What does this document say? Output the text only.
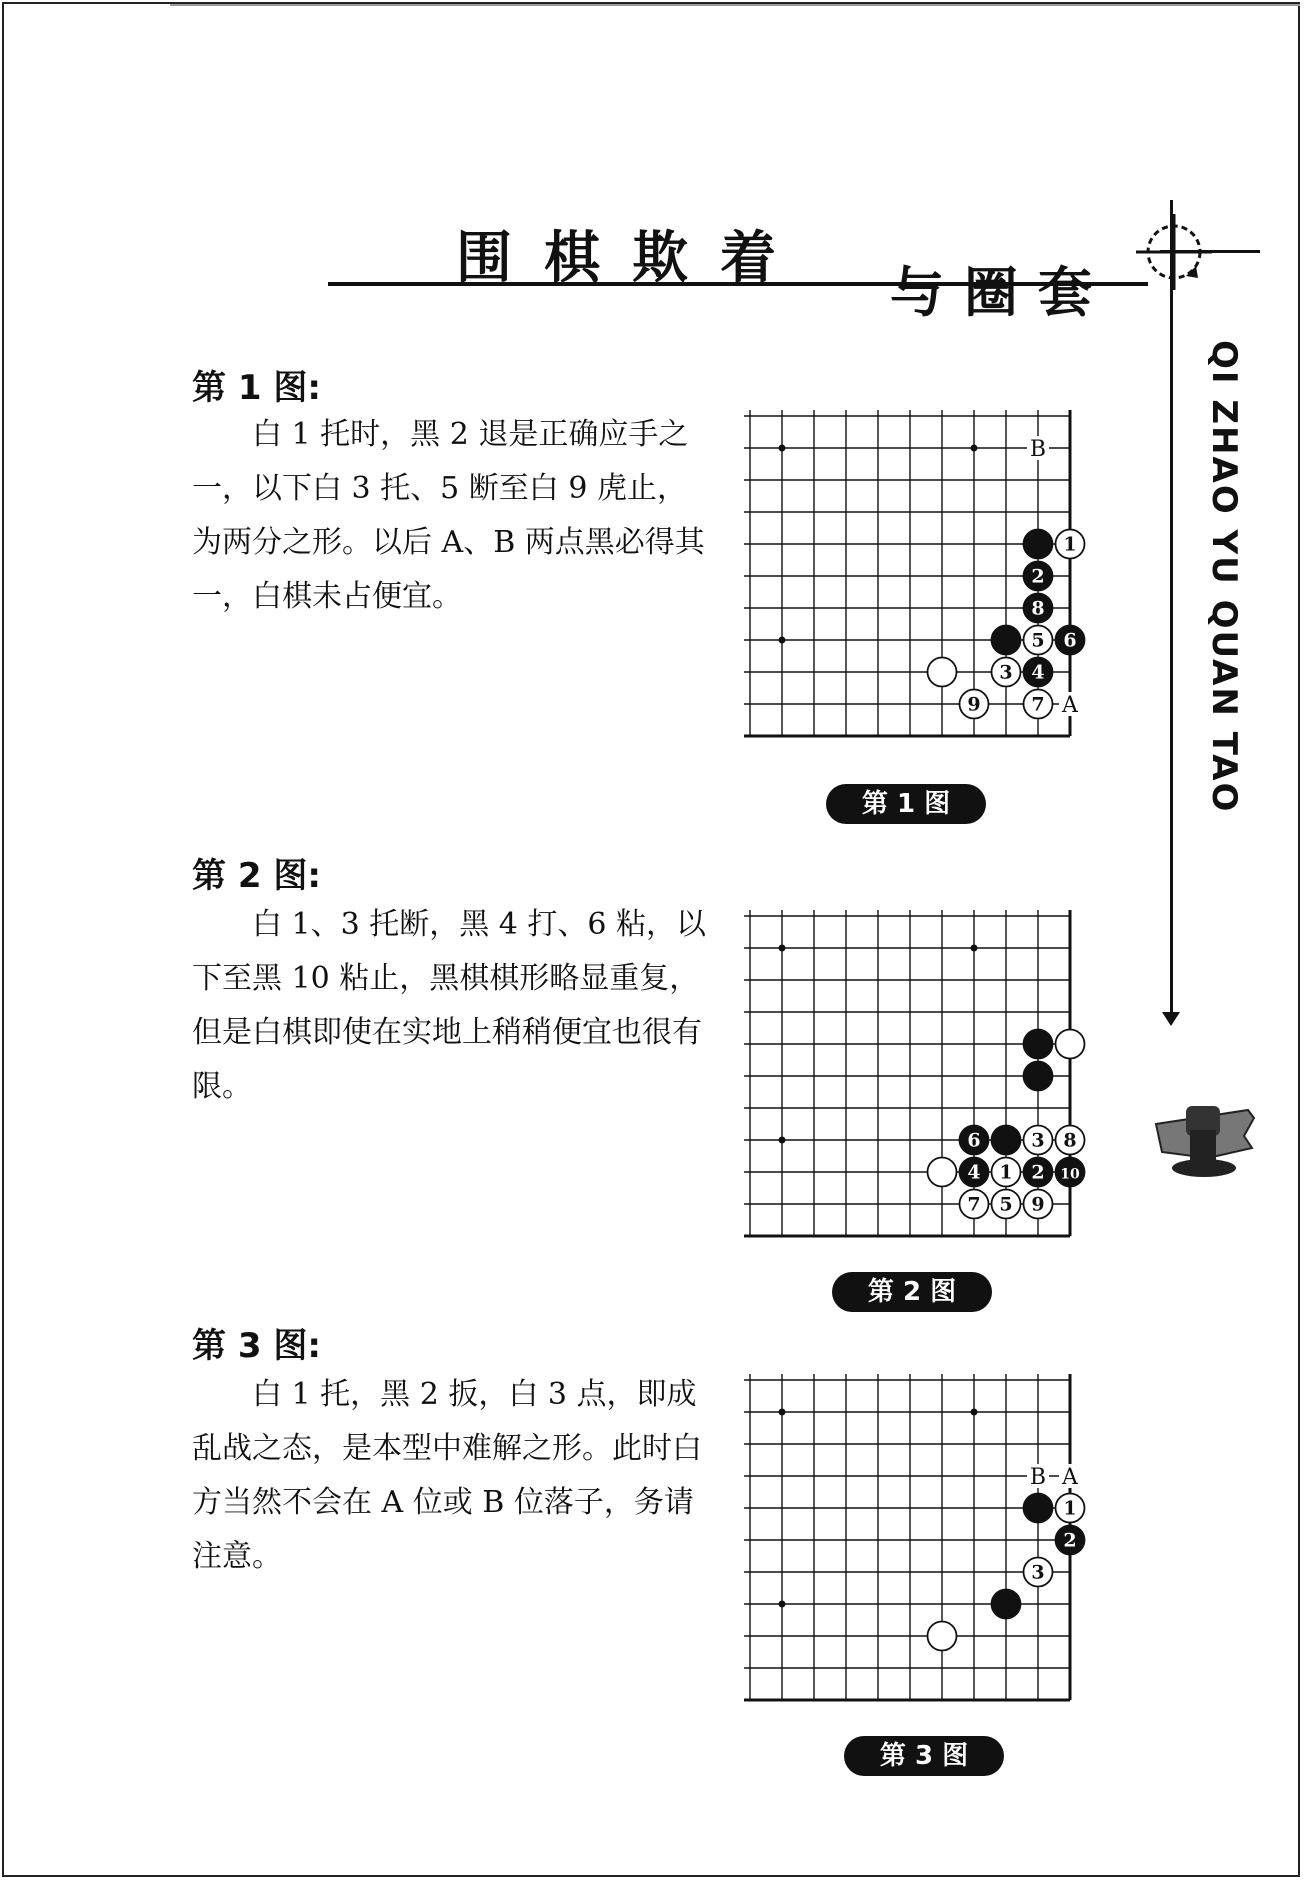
围棋欺着
与圈套
QI ZHAO YU QUAN TAO
第 1 图:
白 1 托时，黑 2 退是正确应手之一，以下白 3 托、5 断至白 9 虎止，为两分之形。以后 A、B 两点黑必得其一，白棋未占便宜。
1
2
8
5 6
3 4
9	7
B
A
第 1 图
第 2 图:
白 1、3 托断，黑 4 打、6 粘，以下至黑 10 粘止，黑棋棋形略显重复，但是白棋即使在实地上稍稍便宜也很有限。
6	3 8
4 1 2 10
7 5 9
第 2 图
第 3 图:
白 1 托，黑 2 扳，白 3 点，即成乱战之态，是本型中难解之形。此时白方当然不会在 A 位或 B 位落子，务请注意。
1
2
3
B A
第 3 图
